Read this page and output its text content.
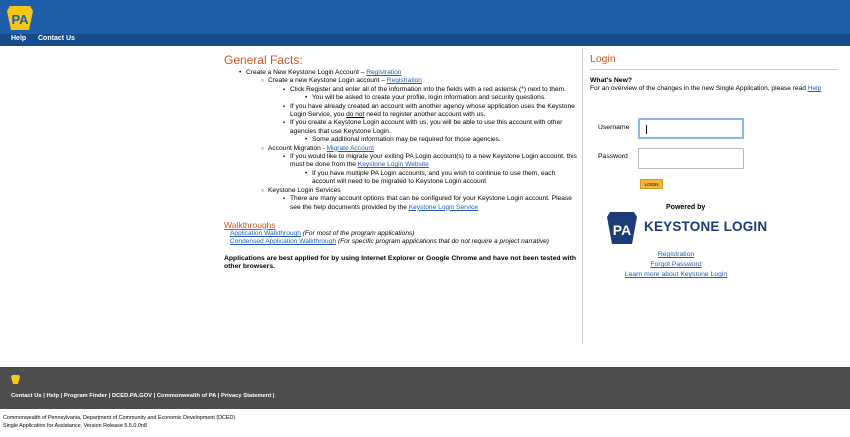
PA
Help Contact Us
General Facts:
• Create a New Keystone Login Account – Registration
○ Create a new Keystone Login account – Registration
▪ Click Register and enter all of the information into the fields with a red asterisk (*) next to them.
• You will be asked to create your profile, login information and security questions.
▪ If you have already created an account with another agency whose application uses the Keystone Login Service, you do not need to register another account with us.
▪ If you create a Keystone Login account with us, you will be able to use this account with other agencies that use Keystone Login.
• Some additional information may be required for those agencies.
○ Account Migration - Migrate Account
▪ If you would like to migrate your exiting PA Login account(s) to a new Keystone Login account, this must be done from the Keystone Login Website
• If you have multiple PA Login accounts, and you wish to continue to use them, each account will need to be migrated to Keystone Login account
○ Keystone Login Services
▪ There are many account options that can be configured for your Keystone Login account. Please see the help documents provided by the Keystone Login Service
Walkthroughs
Application Walkthrough (For most of the program applications)
Condensed Application Walkthrough (For specific program applications that do not require a project narrative)
Applications are best applied for by using Internet Explorer or Google Chrome and have not been tested with other browsers.
Login
What's New?
For an overview of the changes in the new Single Application, please read Help
Username
Password
LOGIN
Powered by
PA KEYSTONE LOGIN
Registration
Forgot Password
Learn more about Keystone Login
Contact Us | Help | Program Finder | DCED.PA.GOV | Commonwealth of PA | Privacy Statement |
Commonwealth of Pennsylvania, Department of Community and Economic Development (DCED)
Single Application for Assistance, Version Release 5.5.0.0n8
